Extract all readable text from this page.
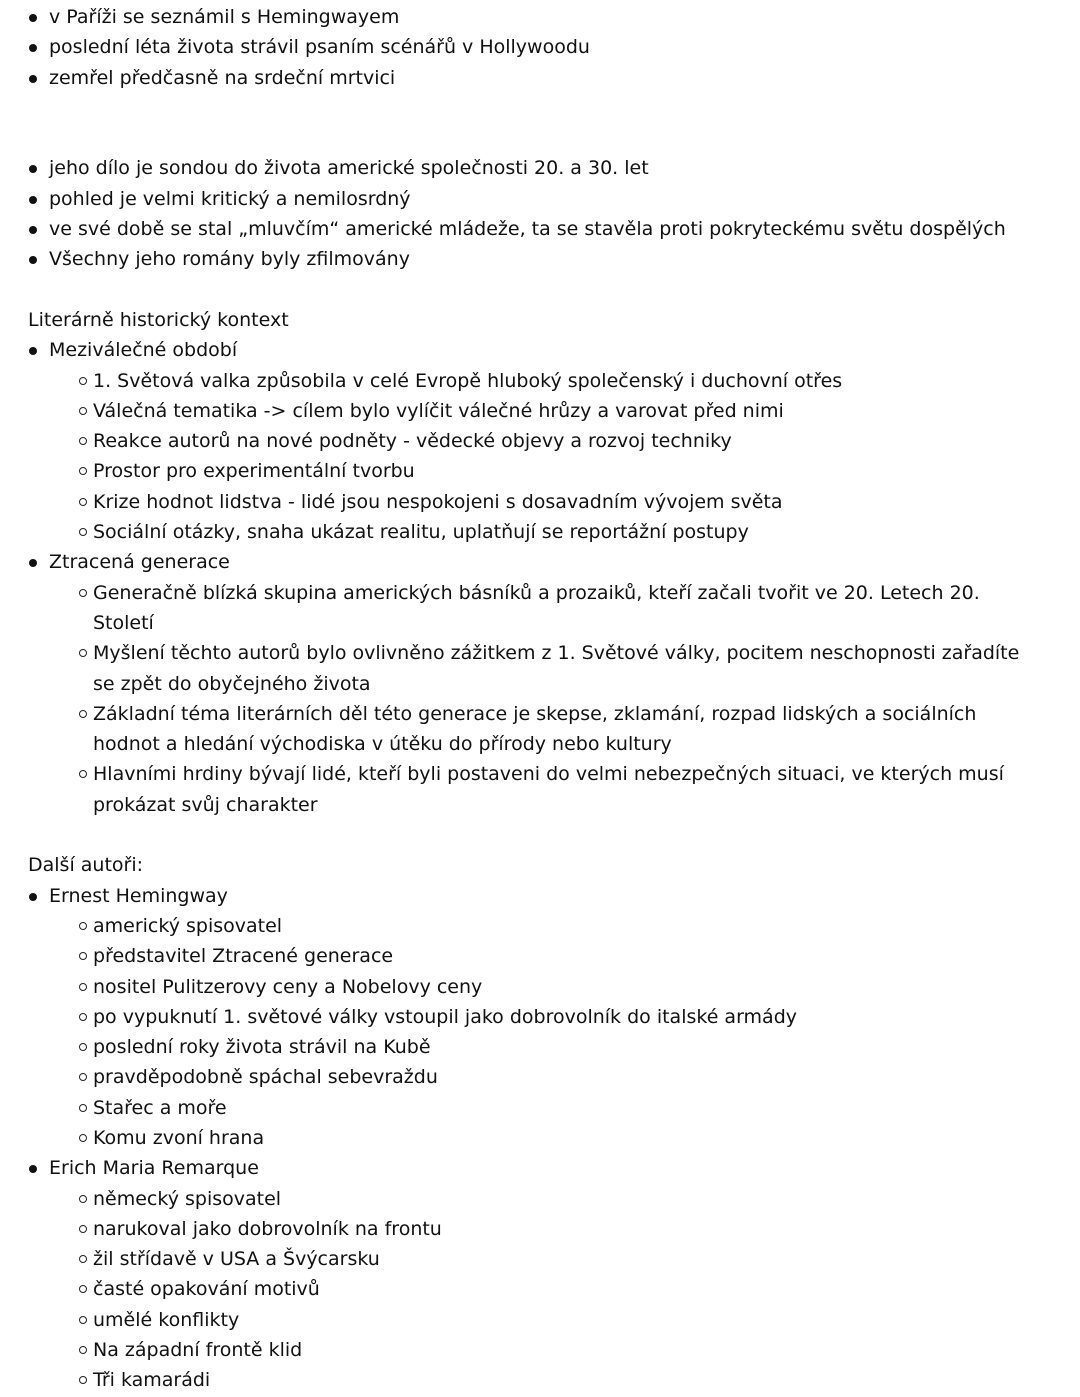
v Paříži se seznámil s Hemingwayem
poslední léta života strávil psaním scénářů v Hollywoodu
zemřel předčasně na srdeční mrtvici
jeho dílo je sondou do života americké společnosti 20. a 30. let
pohled je velmi kritický a nemilosrdný
ve své době se stal „mluvčím“ americké mládeže, ta se stavěla proti pokryteckému světu dospělých
Všechny jeho romány byly zfilmovány
Literárně historický kontext
Meziválečné období
1. Světová valka způsobila v celé Evropě hluboký společenský i duchovní otřes
Válečná tematika -> cílem bylo vylíčit válečné hrůzy a varovat před nimi
Reakce autorů na nové podněty - vědecké objevy a rozvoj techniky
Prostor pro experimentální tvorbu
Krize hodnot lidstva - lidé jsou nespokojeni s dosavadním vývojem světa
Sociální otázky, snaha ukázat realitu, uplatňují se reportážní postupy
Ztracená generace
Generačně blízká skupina amerických básníků a prozaiků, kteří začali tvořit ve 20. Letech 20. Století
Myšlení těchto autorů bylo ovlivněno zážitkem z 1. Světové války, pocitem neschopnosti zařadíte se zpět do obyčejného života
Základní téma literárních děl této generace je skepse, zklamání, rozpad lidských a sociálních hodnot a hledání východiska v útěku do přírody nebo kultury
Hlavními hrdiny bývají lidé, kteří byli postaveni do velmi nebezpečných situaci, ve kterých musí prokázat svůj charakter
Další autoři:
Ernest Hemingway
americký spisovatel
představitel Ztracené generace
nositel Pulitzerovy ceny a Nobelovy ceny
po vypuknutí 1. světové války vstoupil jako dobrovolník do italské armády
poslední roky života strávil na Kubě
pravděpodobně spáchal sebevraždu
Stařec a moře
Komu zvoní hrana
Erich Maria Remarque
německý spisovatel
narukoval jako dobrovolník na frontu
žil střídavě v USA a Švýcarsku
časté opakování motivů
umělé konflikty
Na západní frontě klid
Tři kamarádi
